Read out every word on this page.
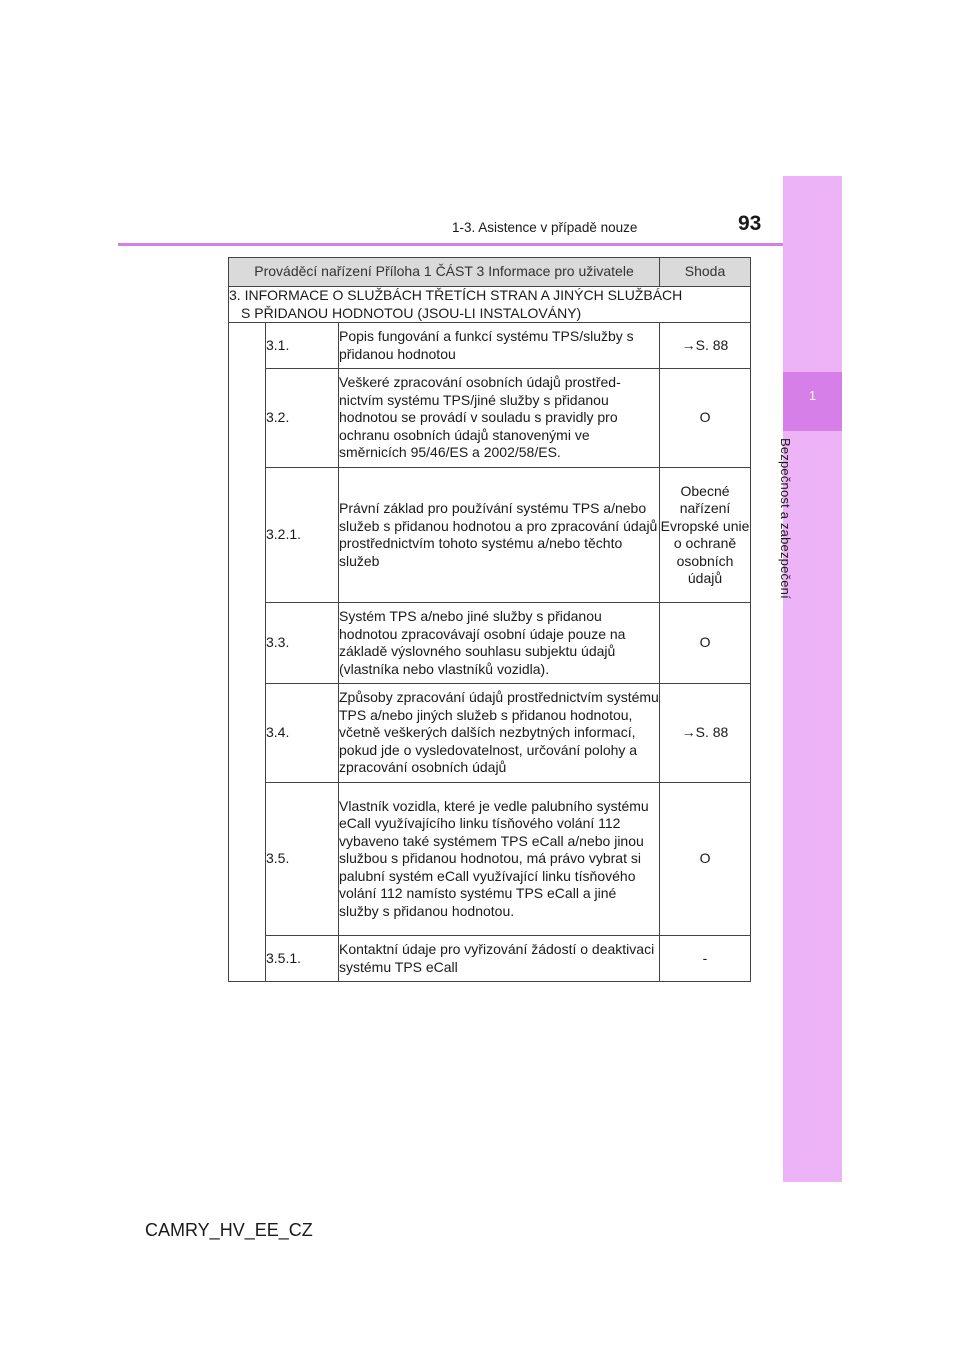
1
Bezpečnost a zabezpečení
1-3. Asistence v případě nouze	93
Prováděcí nařízení Příloha 1 ČÁST 3 Informace pro uživatele			Shoda
3. INFORMACE O SLUŽBÁCH TŘETÍCH STRAN A JINÝCH SLUŽBÁCH
S PŘIDANOU HODNOTOU (JSOU-LI INSTALOVÁNY)			

	3.1.	Popis fungování a funkcí systému TPS/služby s přidanou hodnotou	→S. 88
	3.2.	Veškeré zpracování osobních údajů prostřednictvím systému TPS/jiné služby s přidanou hodnotou se provádí v souladu s pravidly pro ochranu osobních údajů stanovenými ve směrnicích 95/46/ES a 2002/58/ES.	O
	3.2.1.	Právní základ pro používání systému TPS a/nebo služeb s přidanou hodnotou a pro zpracování údajů prostřednictvím tohoto systému a/nebo těchto služeb	Obecné nařízení Evropské unie o ochraně osobních údajů
	3.3.	Systém TPS a/nebo jiné služby s přidanou hodnotou zpracovávají osobní údaje pouze na základě výslovného souhlasu subjektu údajů (vlastníka nebo vlastníků vozidla).	O
	3.4.	Způsoby zpracování údajů prostřednictvím systému TPS a/nebo jiných služeb s přidanou hodnotou, včetně veškerých dalších nezbytných informací, pokud jde o vysledovatelnost, určování polohy a zpracování osobních údajů	→S. 88
	3.5.	Vlastník vozidla, které je vedle palubního systému eCall využívajícího linku tísňového volání 112 vybaveno také systémem TPS eCall a/nebo jinou službou s přidanou hodnotou, má právo vybrat si palubní systém eCall využívající linku tísňového volání 112 namísto systému TPS eCall a jiné služby s přidanou hodnotou.	O
	3.5.1.	Kontaktní údaje pro vyřizování žádostí o deaktivaci systému TPS eCall	-
CAMRY_HV_EE_CZ
